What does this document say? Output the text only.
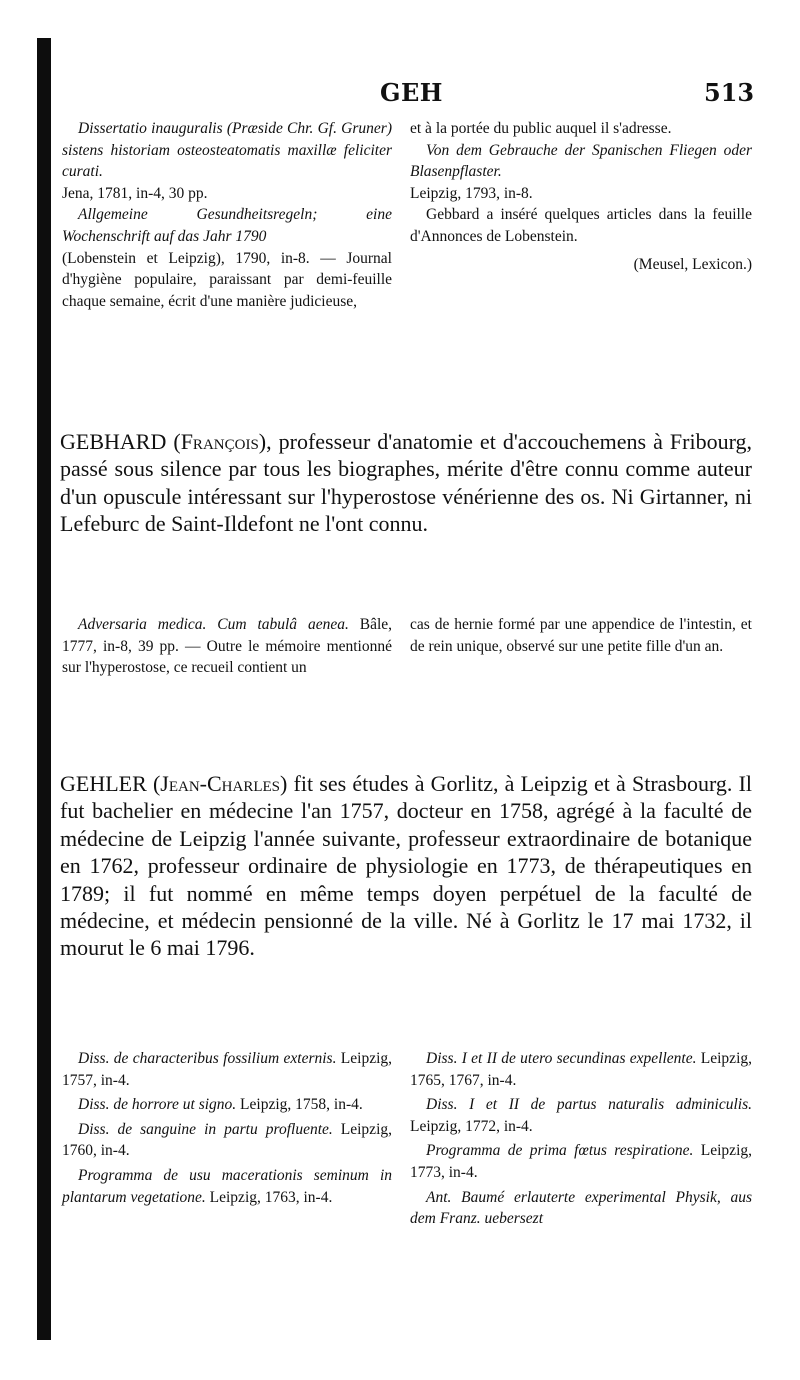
GEH	513

Dissertatio inauguralis (Præside Chr. Gf. Gruner) sistens historiam osteosteatomatis maxillæ feliciter curati.

Jena, 1781, in-4, 30 pp.

Allgemeine Gesundheitsregeln; eine Wochenschrift auf das Jahr 1790

(Lobenstein et Leipzig), 1790, in-8. — Journal d'hygiène populaire, paraissant par demi-feuille chaque semaine, écrit d'une manière judicieuse,

et à la portée du public auquel il s'adresse.

Von dem Gebrauche der Spanischen Fliegen oder Blasenpflaster.

Leipzig, 1793, in-8.

Gebbard a inséré quelques articles dans la feuille d'Annonces de Lobenstein.

(Meusel, Lexicon.)

GEBHARD (François), professeur d'anatomie et d'accouchemens à Fribourg, passé sous silence par tous les biographes, mérite d'être connu comme auteur d'un opuscule intéressant sur l'hyperostose vénérienne des os. Ni Girtanner, ni Lefeburc de Saint-Ildefont ne l'ont connu.

Adversaria medica. Cum tabulâ aenea. Bâle, 1777, in-8, 39 pp. — Outre le mémoire mentionné sur l'hyperostose, ce recueil contient un

cas de hernie formé par une appendice de l'intestin, et de rein unique, observé sur une petite fille d'un an.

GEHLER (Jean-Charles) fit ses études à Gorlitz, à Leipzig et à Strasbourg. Il fut bachelier en médecine l'an 1757, docteur en 1758, agrégé à la faculté de médecine de Leipzig l'année suivante, professeur extraordinaire de botanique en 1762, professeur ordinaire de physiologie en 1773, de thérapeutiques en 1789; il fut nommé en même temps doyen perpétuel de la faculté de médecine, et médecin pensionné de la ville. Né à Gorlitz le 17 mai 1732, il mourut le 6 mai 1796.

Diss. de characteribus fossilium externis. Leipzig, 1757, in-4.

Diss. de horrore ut signo. Leipzig, 1758, in-4.

Diss. de sanguine in partu profluente. Leipzig, 1760, in-4.

Programma de usu macerationis seminum in plantarum vegetatione. Leipzig, 1763, in-4.

Diss. I et II de utero secundinas expellente. Leipzig, 1765, 1767, in-4.

Diss. I et II de partus naturalis adminiculis. Leipzig, 1772, in-4.

Programma de prima fœtus respiratione. Leipzig, 1773, in-4.

Ant. Baumé erlauterte experimental Physik, aus dem Franz. uebersezt
